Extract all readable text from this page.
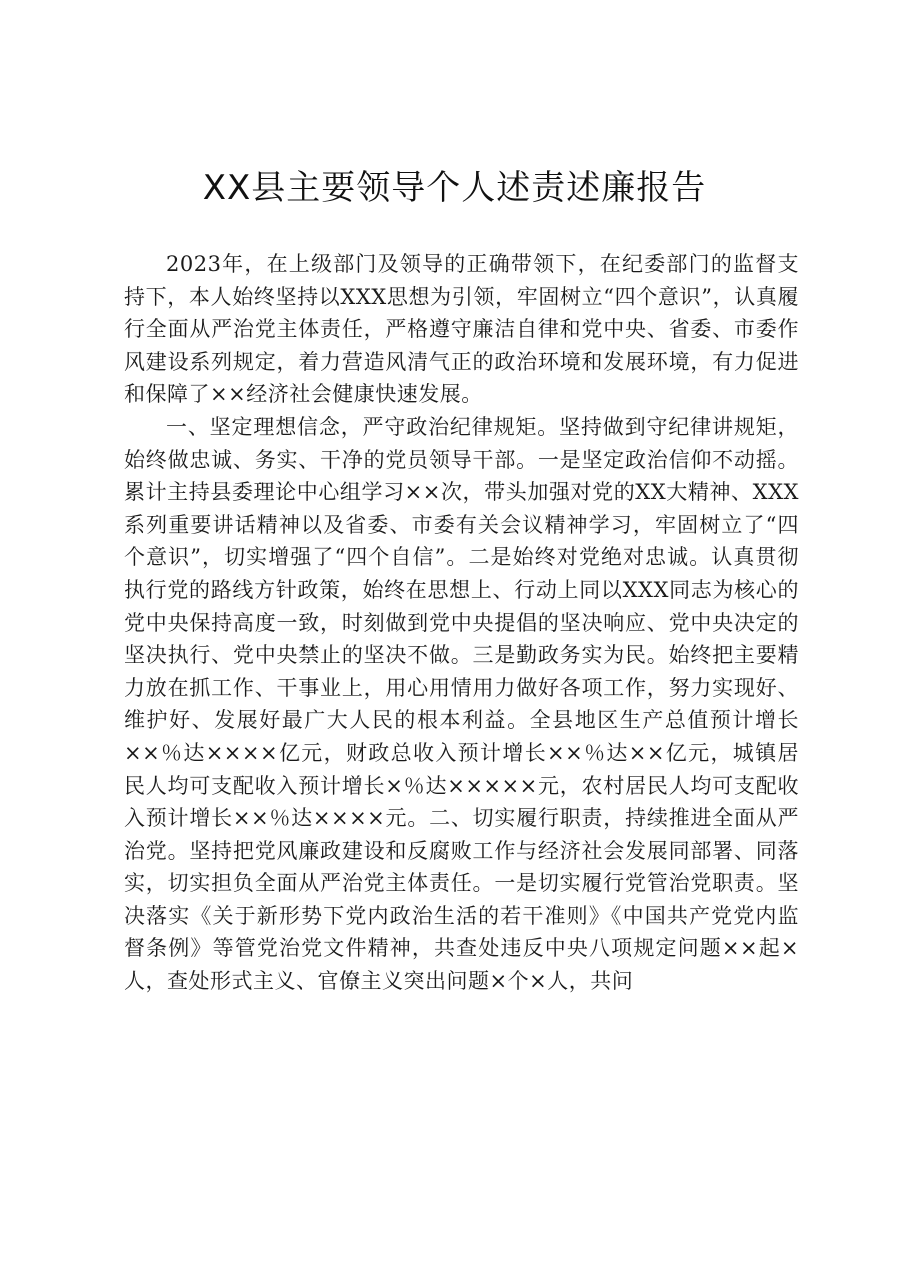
XX县主要领导个人述责述廉报告

2023年，在上级部门及领导的正确带领下，在纪委部门的监督支持下，本人始终坚持以XXX思想为引领，牢固树立“四个意识”，认真履行全面从严治党主体责任，严格遵守廉洁自律和党中央、省委、市委作风建设系列规定，着力营造风清气正的政治环境和发展环境，有力促进和保障了××经济社会健康快速发展。

一、坚定理想信念，严守政治纪律规矩。坚持做到守纪律讲规矩，始终做忠诚、务实、干净的党员领导干部。一是坚定政治信仰不动摇。累计主持县委理论中心组学习××次，带头加强对党的XX大精神、XXX系列重要讲话精神以及省委、市委有关会议精神学习，牢固树立了“四个意识”，切实增强了“四个自信”。二是始终对党绝对忠诚。认真贯彻执行党的路线方针政策，始终在思想上、行动上同以XXX同志为核心的党中央保持高度一致，时刻做到党中央提倡的坚决响应、党中央决定的坚决执行、党中央禁止的坚决不做。三是勤政务实为民。始终把主要精力放在抓工作、干事业上，用心用情用力做好各项工作，努力实现好、维护好、发展好最广大人民的根本利益。全县地区生产总值预计增长××％达××××亿元，财政总收入预计增长××％达××亿元，城镇居民人均可支配收入预计增长×％达×××××元，农村居民人均可支配收入预计增长××％达××××元。二、切实履行职责，持续推进全面从严治党。坚持把党风廉政建设和反腐败工作与经济社会发展同部署、同落实，切实担负全面从严治党主体责任。一是切实履行党管治党职责。坚决落实《关于新形势下党内政治生活的若干准则》《中国共产党党内监督条例》等管党治党文件精神，共查处违反中央八项规定问题××起×人，查处形式主义、官僚主义突出问题×个×人，共问
